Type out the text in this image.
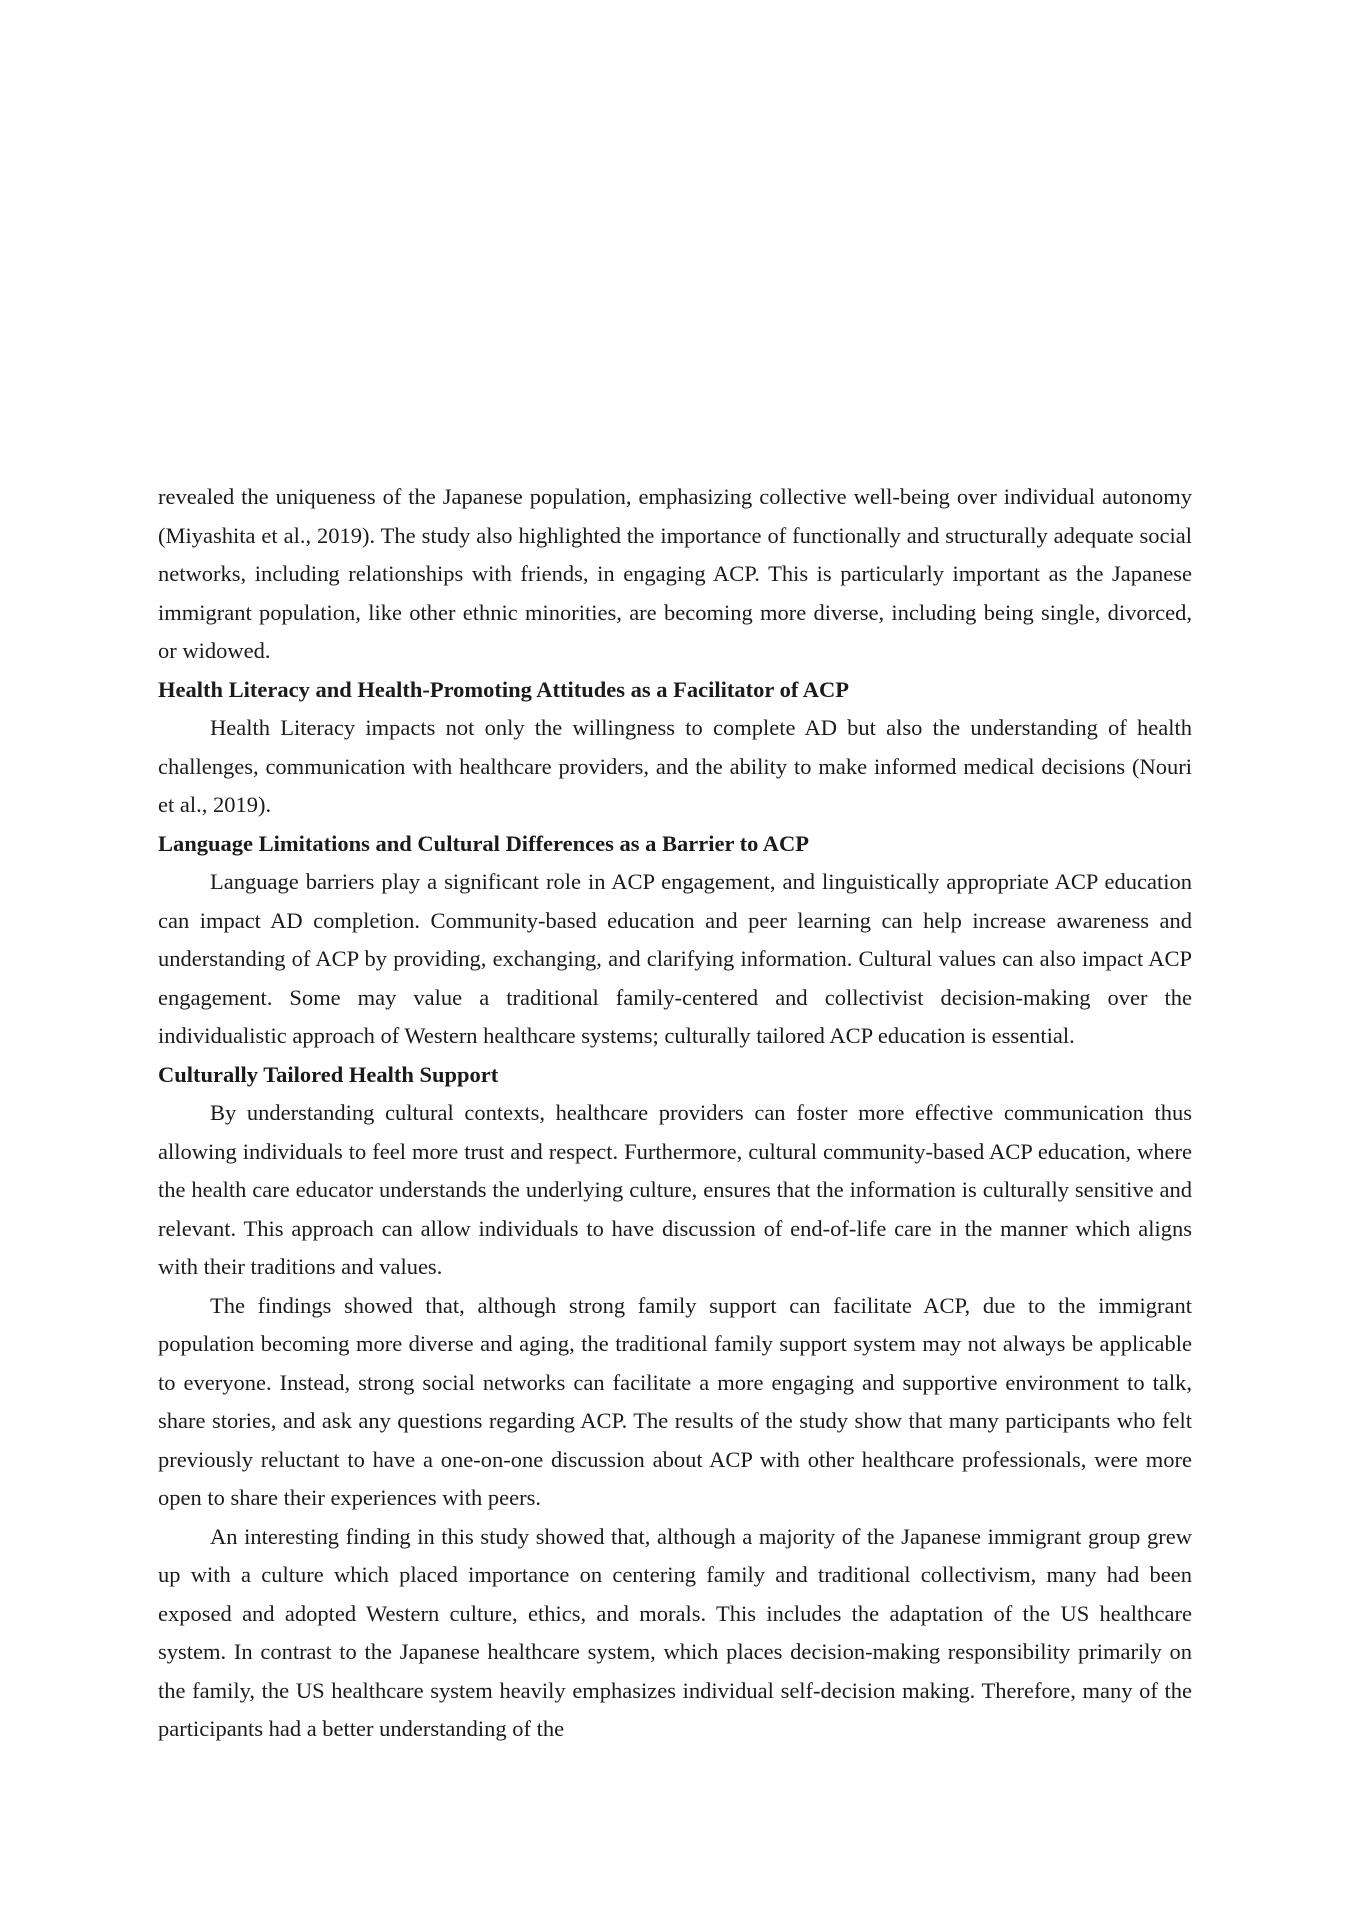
revealed the uniqueness of the Japanese population, emphasizing collective well-being over individual autonomy (Miyashita et al., 2019). The study also highlighted the importance of functionally and structurally adequate social networks, including relationships with friends, in engaging ACP. This is particularly important as the Japanese immigrant population, like other ethnic minorities, are becoming more diverse, including being single, divorced, or widowed.

Health Literacy and Health-Promoting Attitudes as a Facilitator of ACP

Health Literacy impacts not only the willingness to complete AD but also the understanding of health challenges, communication with healthcare providers, and the ability to make informed medical decisions (Nouri et al., 2019).

Language Limitations and Cultural Differences as a Barrier to ACP

Language barriers play a significant role in ACP engagement, and linguistically appropriate ACP education can impact AD completion. Community-based education and peer learning can help increase awareness and understanding of ACP by providing, exchanging, and clarifying information. Cultural values can also impact ACP engagement. Some may value a traditional family-centered and collectivist decision-making over the individualistic approach of Western healthcare systems; culturally tailored ACP education is essential.

Culturally Tailored Health Support

By understanding cultural contexts, healthcare providers can foster more effective communication thus allowing individuals to feel more trust and respect. Furthermore, cultural community-based ACP education, where the health care educator understands the underlying culture, ensures that the information is culturally sensitive and relevant. This approach can allow individuals to have discussion of end-of-life care in the manner which aligns with their traditions and values.

The findings showed that, although strong family support can facilitate ACP, due to the immigrant population becoming more diverse and aging, the traditional family support system may not always be applicable to everyone. Instead, strong social networks can facilitate a more engaging and supportive environment to talk, share stories, and ask any questions regarding ACP. The results of the study show that many participants who felt previously reluctant to have a one-on-one discussion about ACP with other healthcare professionals, were more open to share their experiences with peers.

An interesting finding in this study showed that, although a majority of the Japanese immigrant group grew up with a culture which placed importance on centering family and traditional collectivism, many had been exposed and adopted Western culture, ethics, and morals. This includes the adaptation of the US healthcare system. In contrast to the Japanese healthcare system, which places decision-making responsibility primarily on the family, the US healthcare system heavily emphasizes individual self-decision making. Therefore, many of the participants had a better understanding of the
